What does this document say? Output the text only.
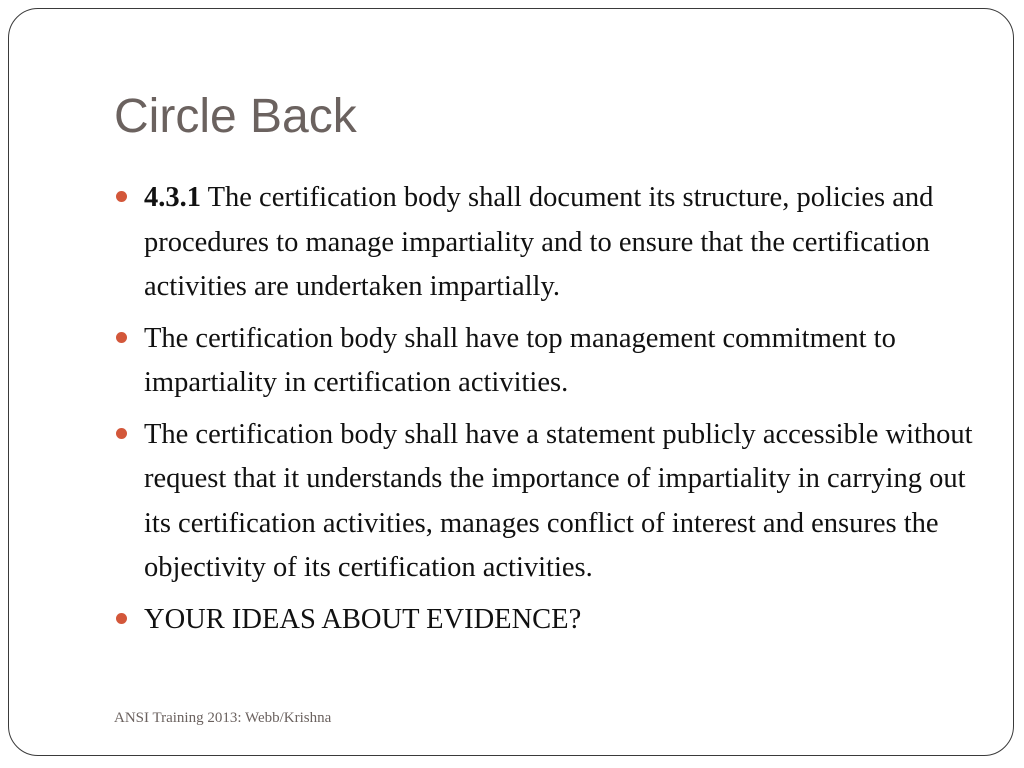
Circle Back
4.3.1 The certification body shall document its structure, policies and procedures to manage impartiality and to ensure that the certification activities are undertaken impartially.
The certification body shall have top management commitment to impartiality in certification activities.
The certification body shall have a statement publicly accessible without request that it understands the importance of impartiality in carrying out its certification activities, manages conflict of interest and ensures the objectivity of its certification activities.
YOUR IDEAS ABOUT EVIDENCE?
ANSI Training 2013: Webb/Krishna
